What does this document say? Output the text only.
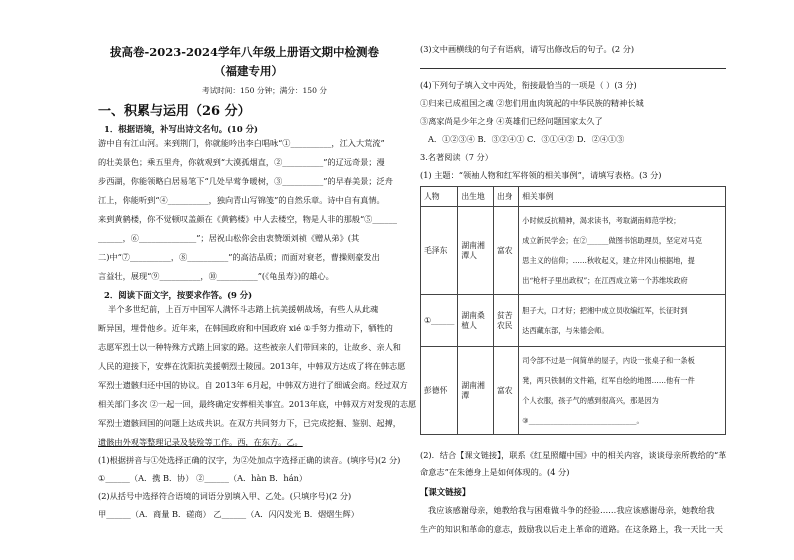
拔高卷-2023-2024学年八年级上册语文期中检测卷
（福建专用）
考试时间：150 分钟；满分：150 分
一、积累与运用（26 分）
1．根据语境，补写出诗文名句。(10 分)
游中自有江山河。来到荆门，你就能吟出李白唱咏“①__________，江入大荒流”
的壮美景色；乘五里舟，你就观到“大漠孤烟直，②__________”的辽远奇景；漫
步西湖，你能领略白居易笔下“几处早莺争暖树，③__________”的早春美景；泛舟
江上，你能听到“④__________，独向青山写锦笺”的自然乐章。诗中自有真情。
来到黄鹤楼，你不觉顿叹盖颜在《黄鹤楼》中人去楼空，物是人非的那般“⑤______
______，⑥______________”；居祝山松你会由衷赞颂刘祯《赠从弟》(其
二)中“⑦__________，⑧__________”的高洁品质；而面对衰老，曹操则豪发出
言益壮，展现“⑨__________，⑩__________”(《龟虽寿》)的雄心。
2．阅读下面文字，按要求作答。(9 分)
半个多世纪前，上百万中国军人满怀斗志踏上抗美援朝战场，有些人从此魂
断异国，埋骨他乡。近年来，在韩国政府和中国政府 xié ①手努力推动下，牺牲的
志愿军烈士以一种特殊方式踏上回家的路。这些被亲人们带回来的，让故乡、亲人和
人民的迎接下，安葬在沈阳抗美援朝烈士陵园。2013年，中韩双方达成了将在韩志愿
军烈士遗骸归还中国的协议。自 2013年 6月起，中韩双方进行了细诚会商。经过双方
相关部门多次 ②一起一回，最终确定安葬相关事宜。2013年底，中韩双方对发现的志愿
军烈士遗骸回国的问题上达成共识。在双方共同努力下，已完成挖掘、鉴别、起搏，
遗骸由外观等整理记录及装殓等工作。西，在东方。乙。
(1)根据拼音与①处选择正确的汉字，为②处加点字选择正确的读音。(填序号)(2 分)
①______（A．携 B．协） ②______（A．hàn B．hán）
(2)从括号中选择符合语境的词语分别填入甲、乙处。(只填序号)(2 分)
甲______（A．商量 B．磋商） 乙______（A．闪闪发光 B．熠熠生辉）
(3)文中画横线的句子有语病，请写出修改后的句子。(2 分)
(4)下列句子填入文中丙处，衔接最恰当的一项是（ ）(3 分)
①归来已成祖国之魂 ②您们用血肉筑起的中华民族的精神长城
③离家尚是少年之身 ④英雄们已经问题国家太久了
A．①②③④ B．③②④① C．③①④② D．②④①③
3.名著阅读（7 分）
(1) 主题：“领袖人物和红军将领的相关事例”，请填写表格。(3 分)
人物	出生地	出身	相关事例
毛泽东	湖南湘潭人	富农	小时候反抗精神，渴求读书，考取湖南师范学校；
成立新民学会；在②______做图书馆助理员，坚定对马克
思主义的信仰；……秋收起义，建立井冈山根据地，提
出“枪杆子里出政权”；在江西成立第一个苏维埃政府

①______	湖南桑植人	贫苦农民	胆子大，口才好；把湘中成立员收编红军，长征时到
达西藏东部，与朱德会师。

彭德怀	湖南湘潭	富农	司令部不过是一间简单的屋子，内设一张桌子和一条板
凳，两只铁制的文件箱，红军自绘的地图……他有一件
个人衣服，孩子气的感到很高兴，那是因为
③______________________________。
(2)．结合【课文链接】，联系《红星照耀中国》中的相关内容，谈谈母亲所教给的“革
命意志”在朱德身上是如何体现的。(4 分)
【课文链接】
我应该感谢母亲，她教给我与困难做斗争的经验……我应该感谢母亲，她教给我
生产的知识和革命的意志，鼓励我以后走上革命的道路。在这条路上，我一天比一天
